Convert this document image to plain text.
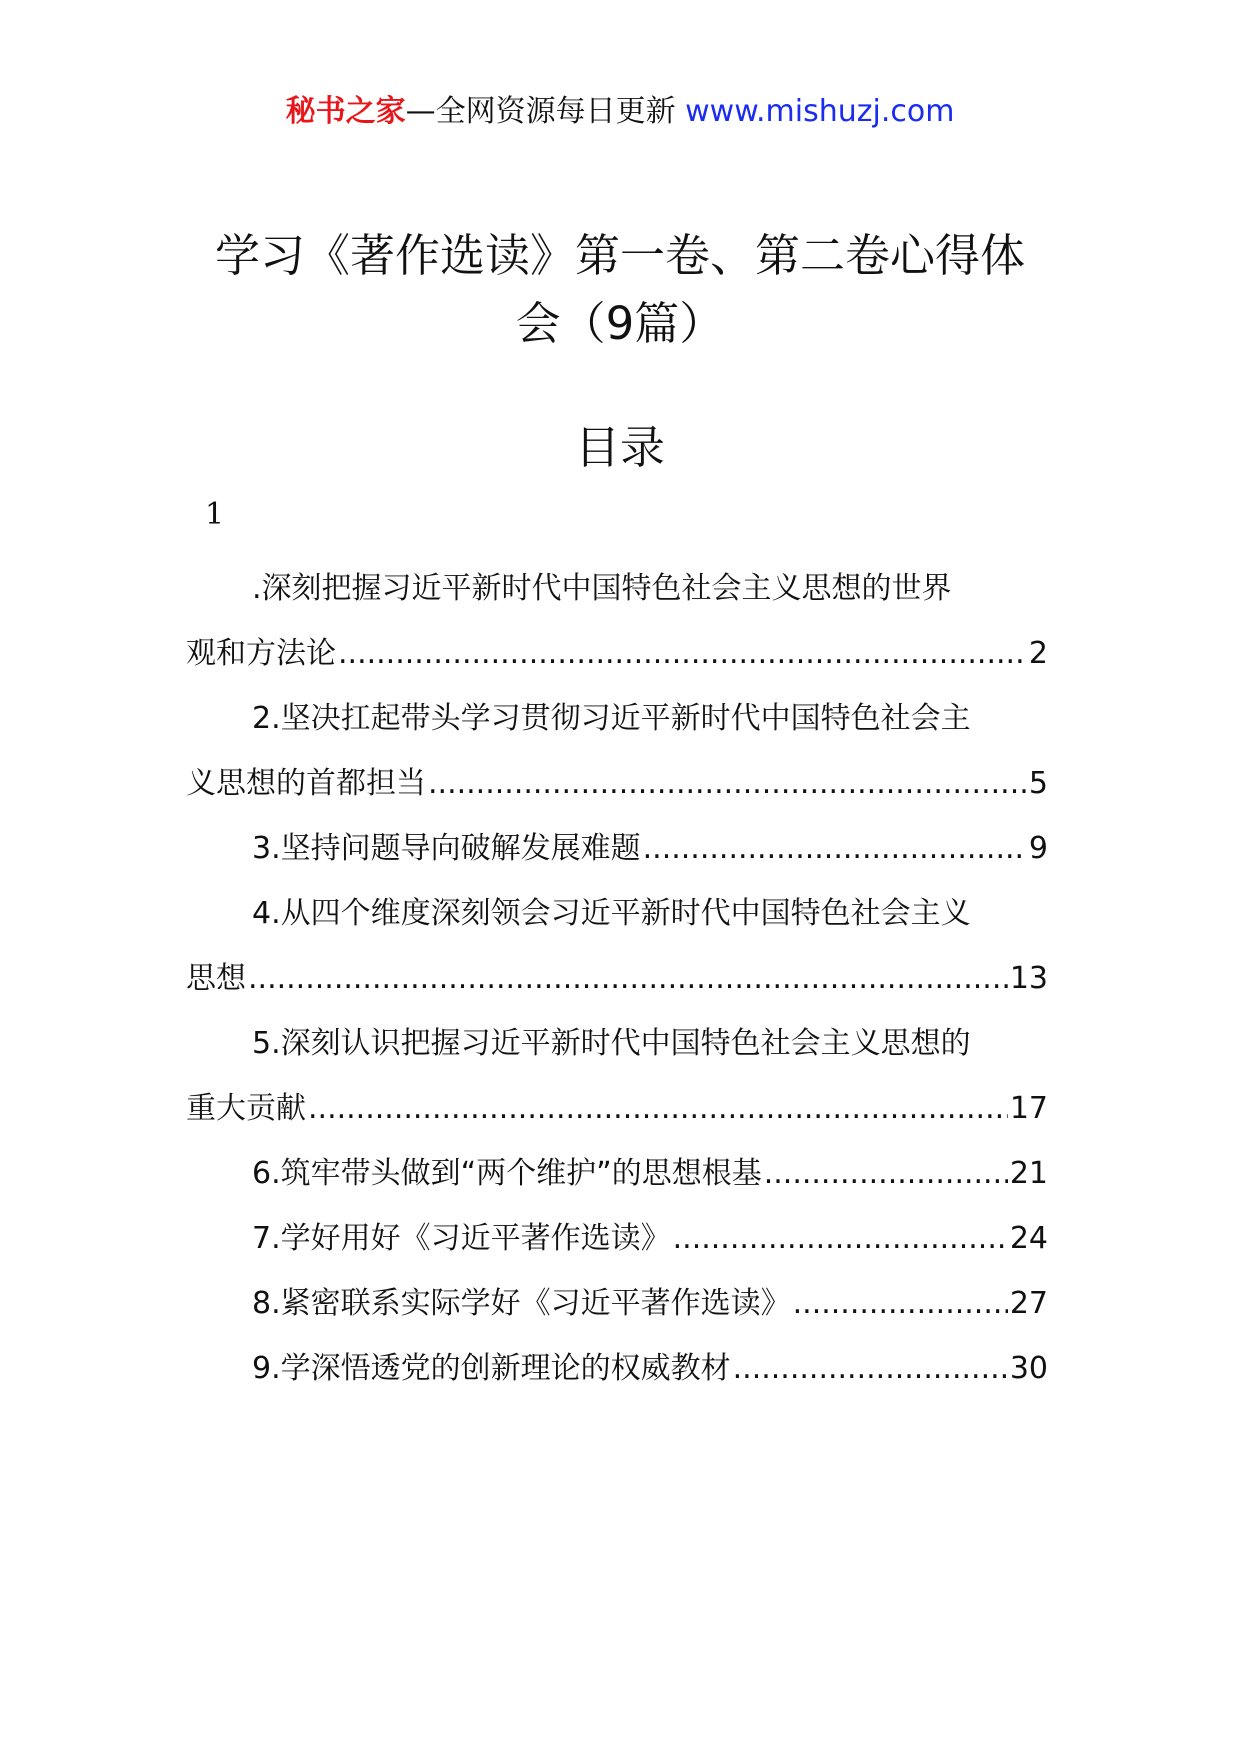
秘书之家—全网资源每日更新 www.mishuzj.com
学习《著作选读》第一卷、第二卷心得体
会（9篇）
目录
1
.深刻把握习近平新时代中国特色社会主义思想的世界
观和方法论 .....	2
2.坚决扛起带头学习贯彻习近平新时代中国特色社会主
义思想的首都担当 .....	5
3.坚持问题导向破解发展难题 .....	9
4.从四个维度深刻领会习近平新时代中国特色社会主义
思想 .....	13
5.深刻认识把握习近平新时代中国特色社会主义思想的
重大贡献 .....	17
6.筑牢带头做到“两个维护”的思想根基 .....	21
7.学好用好《习近平著作选读》 .....	24
8.紧密联系实际学好《习近平著作选读》 .....	27
9.学深悟透党的创新理论的权威教材 .....	30
